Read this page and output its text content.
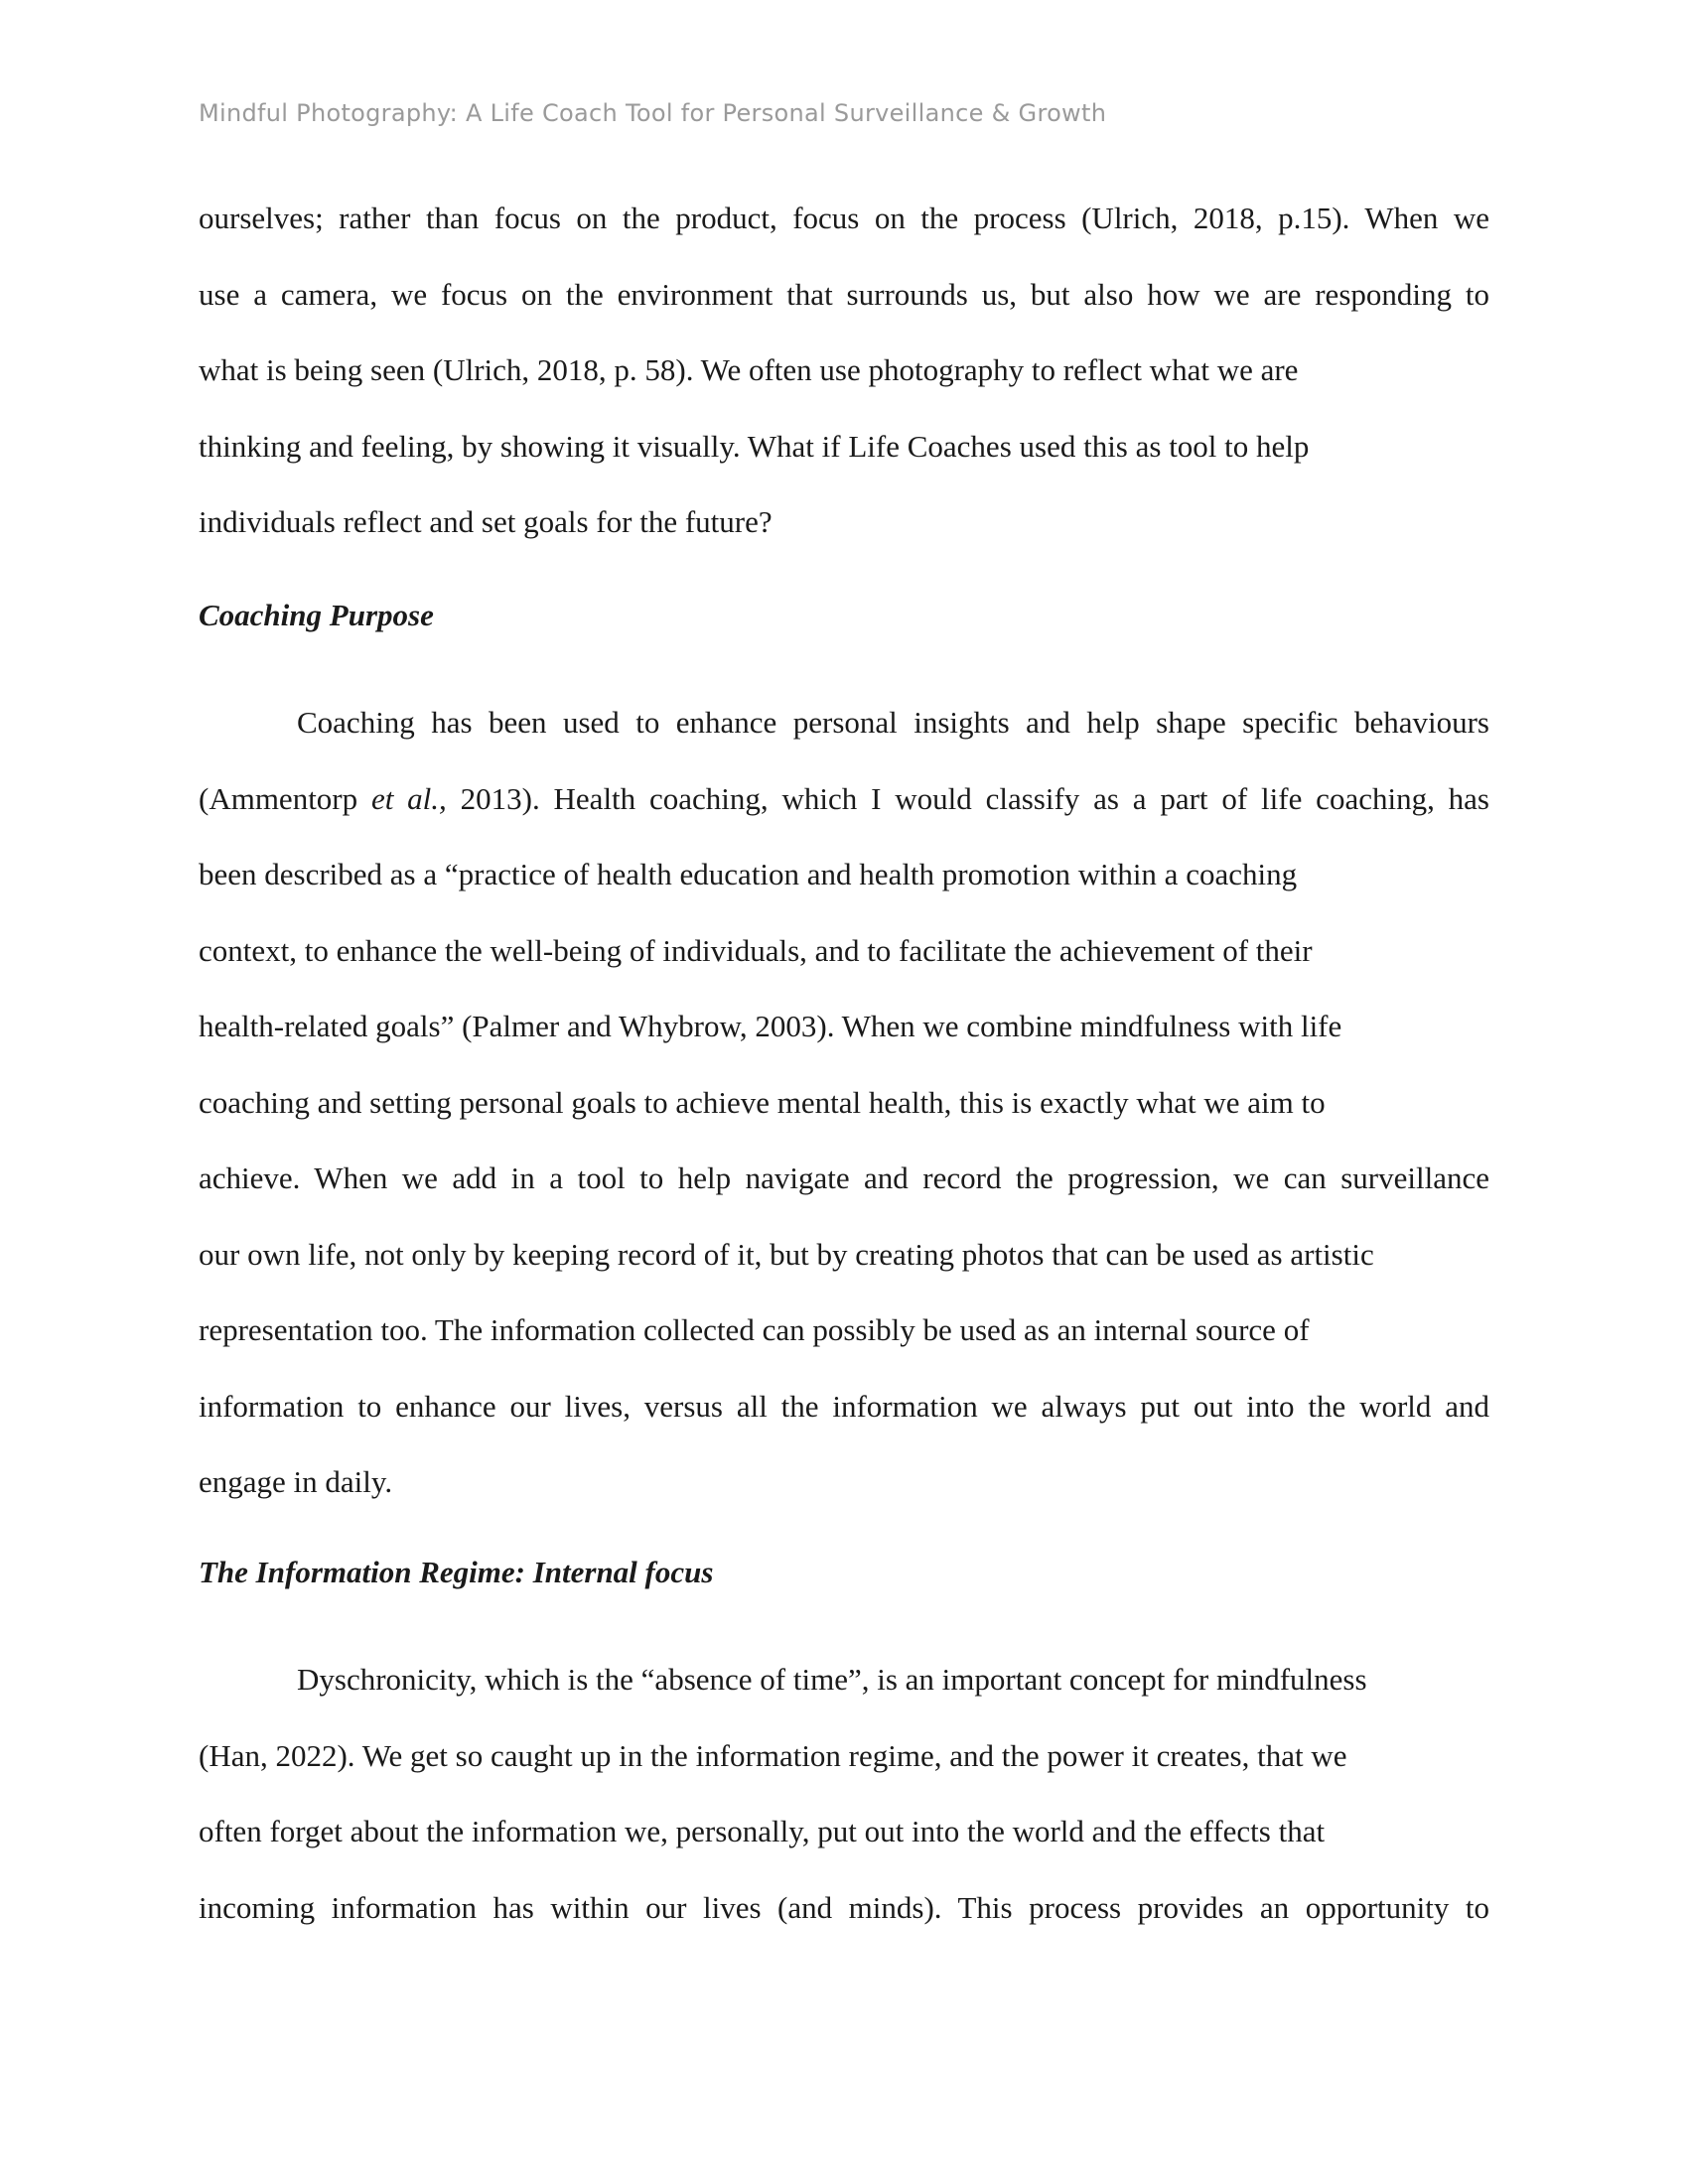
Mindful Photography: A Life Coach Tool for Personal Surveillance & Growth
ourselves; rather than focus on the product, focus on the process (Ulrich, 2018, p.15). When we
use a camera, we focus on the environment that surrounds us, but also how we are responding to
what is being seen (Ulrich, 2018, p. 58). We often use photography to reflect what we are
thinking and feeling, by showing it visually. What if Life Coaches used this as tool to help
individuals reflect and set goals for the future?
Coaching Purpose
Coaching has been used to enhance personal insights and help shape specific behaviours
(Ammentorp et al., 2013). Health coaching, which I would classify as a part of life coaching, has
been described as a “practice of health education and health promotion within a coaching
context, to enhance the well-being of individuals, and to facilitate the achievement of their
health-related goals” (Palmer and Whybrow, 2003). When we combine mindfulness with life
coaching and setting personal goals to achieve mental health, this is exactly what we aim to
achieve. When we add in a tool to help navigate and record the progression, we can surveillance
our own life, not only by keeping record of it, but by creating photos that can be used as artistic
representation too. The information collected can possibly be used as an internal source of
information to enhance our lives, versus all the information we always put out into the world and
engage in daily.
The Information Regime: Internal focus
Dyschronicity, which is the “absence of time”, is an important concept for mindfulness
(Han, 2022). We get so caught up in the information regime, and the power it creates, that we
often forget about the information we, personally, put out into the world and the effects that
incoming information has within our lives (and minds). This process provides an opportunity to
